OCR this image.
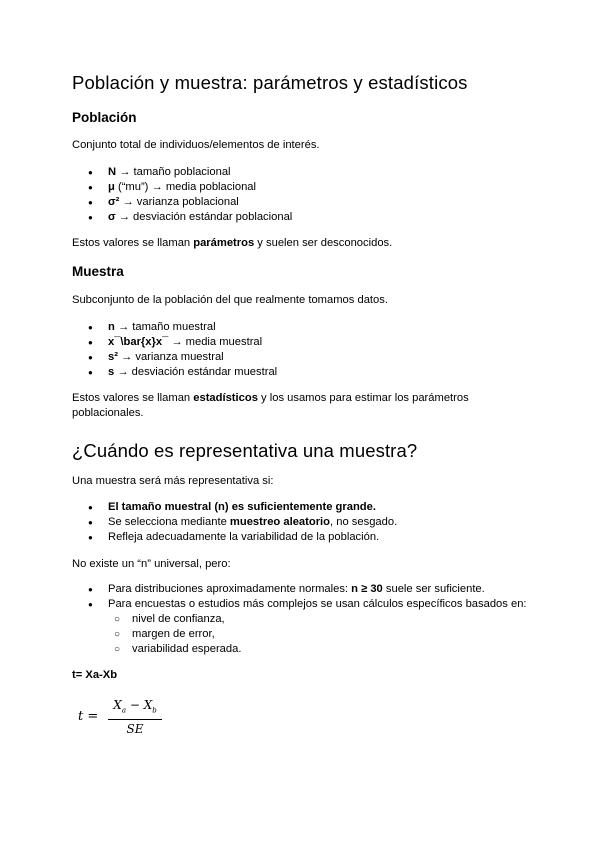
Población y muestra: parámetros y estadísticos
Población

Conjunto total de individuos/elementos de interés.

● N → tamaño poblacional
● μ (“mu”) → media poblacional
● σ² → varianza poblacional
● σ → desviación estándar poblacional

Estos valores se llaman parámetros y suelen ser desconocidos.

Muestra

Subconjunto de la población del que realmente tomamos datos.

● n → tamaño muestral
● x¯\bar{x}x¯ → media muestral
● s² → varianza muestral
● s → desviación estándar muestral

Estos valores se llaman estadísticos y los usamos para estimar los parámetros poblacionales.

¿Cuándo es representativa una muestra?

Una muestra será más representativa si:

● El tamaño muestral (n) es suficientemente grande.
● Se selecciona mediante muestreo aleatorio, no sesgado.
● Refleja adecuadamente la variabilidad de la población.

No existe un “n” universal, pero:

● Para distribuciones aproximadamente normales: n ≥ 30 suele ser suficiente.
● Para encuestas o estudios más complejos se usan cálculos específicos basados en:
○ nivel de confianza,
○ margen de error,
○ variabilidad esperada.

t= Xa-Xb

t =
$X_a - X_b$
SE
